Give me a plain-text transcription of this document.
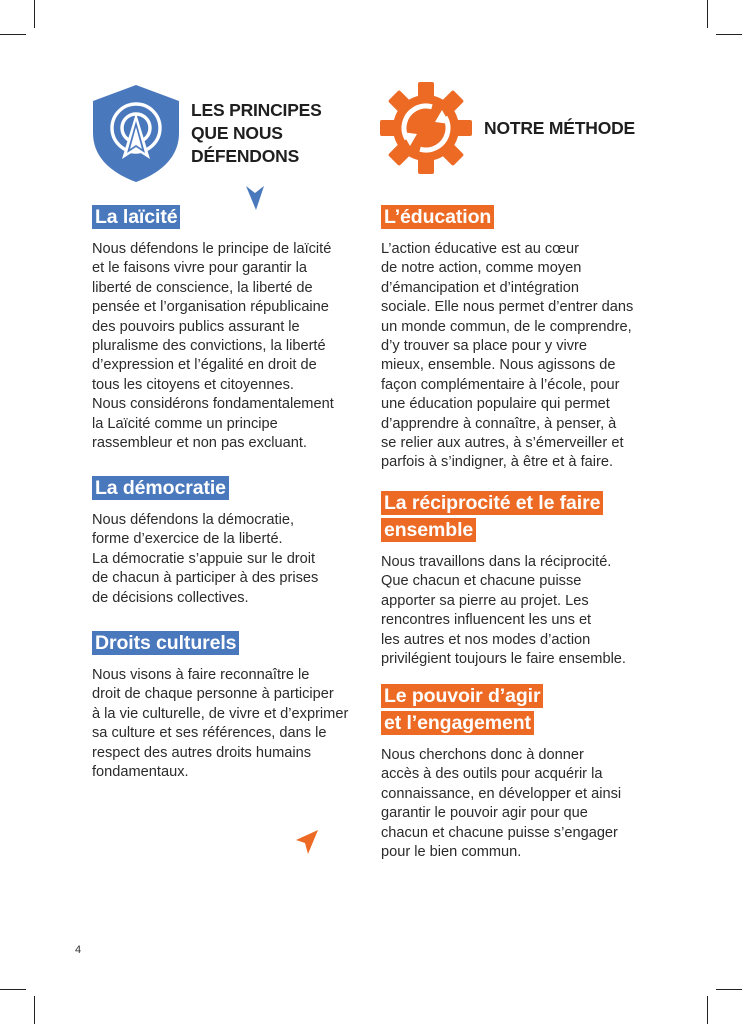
LES PRINCIPES
QUE NOUS
DÉFENDONS
NOTRE MÉTHODE
La laïcité

Nous défendons le principe de laïcité
et le faisons vivre pour garantir la
liberté de conscience, la liberté de
pensée et l’organisation républicaine
des pouvoirs publics assurant le
pluralisme des convictions, la liberté
d’expression et l’égalité en droit de
tous les citoyens et citoyennes.
Nous considérons fondamentalement
la Laïcité comme un principe
rassembleur et non pas excluant.

La démocratie

Nous défendons la démocratie,
forme d’exercice de la liberté.
La démocratie s’appuie sur le droit
de chacun à participer à des prises
de décisions collectives.

Droits culturels

Nous visons à faire reconnaître le
droit de chaque personne à participer
à la vie culturelle, de vivre et d’exprimer
sa culture et ses références, dans le
respect des autres droits humains
fondamentaux.

L’éducation

L’action éducative est au cœur
de notre action, comme moyen
d’émancipation et d’intégration
sociale. Elle nous permet d’entrer dans
un monde commun, de le comprendre,
d’y trouver sa place pour y vivre
mieux, ensemble. Nous agissons de
façon complémentaire à l’école, pour
une éducation populaire qui permet
d’apprendre à connaître, à penser, à
se relier aux autres, à s’émerveiller et
parfois à s’indigner, à être et à faire.

La réciprocité et le faire ensemble

Nous travaillons dans la réciprocité.
Que chacun et chacune puisse
apporter sa pierre au projet. Les
rencontres influencent les uns et
les autres et nos modes d’action
privilégient toujours le faire ensemble.

Le pouvoir d’agir et l’engagement

Nous cherchons donc à donner
accès à des outils pour acquérir la
connaissance, en développer et ainsi
garantir le pouvoir agir pour que
chacun et chacune puisse s’engager
pour le bien commun.

4
